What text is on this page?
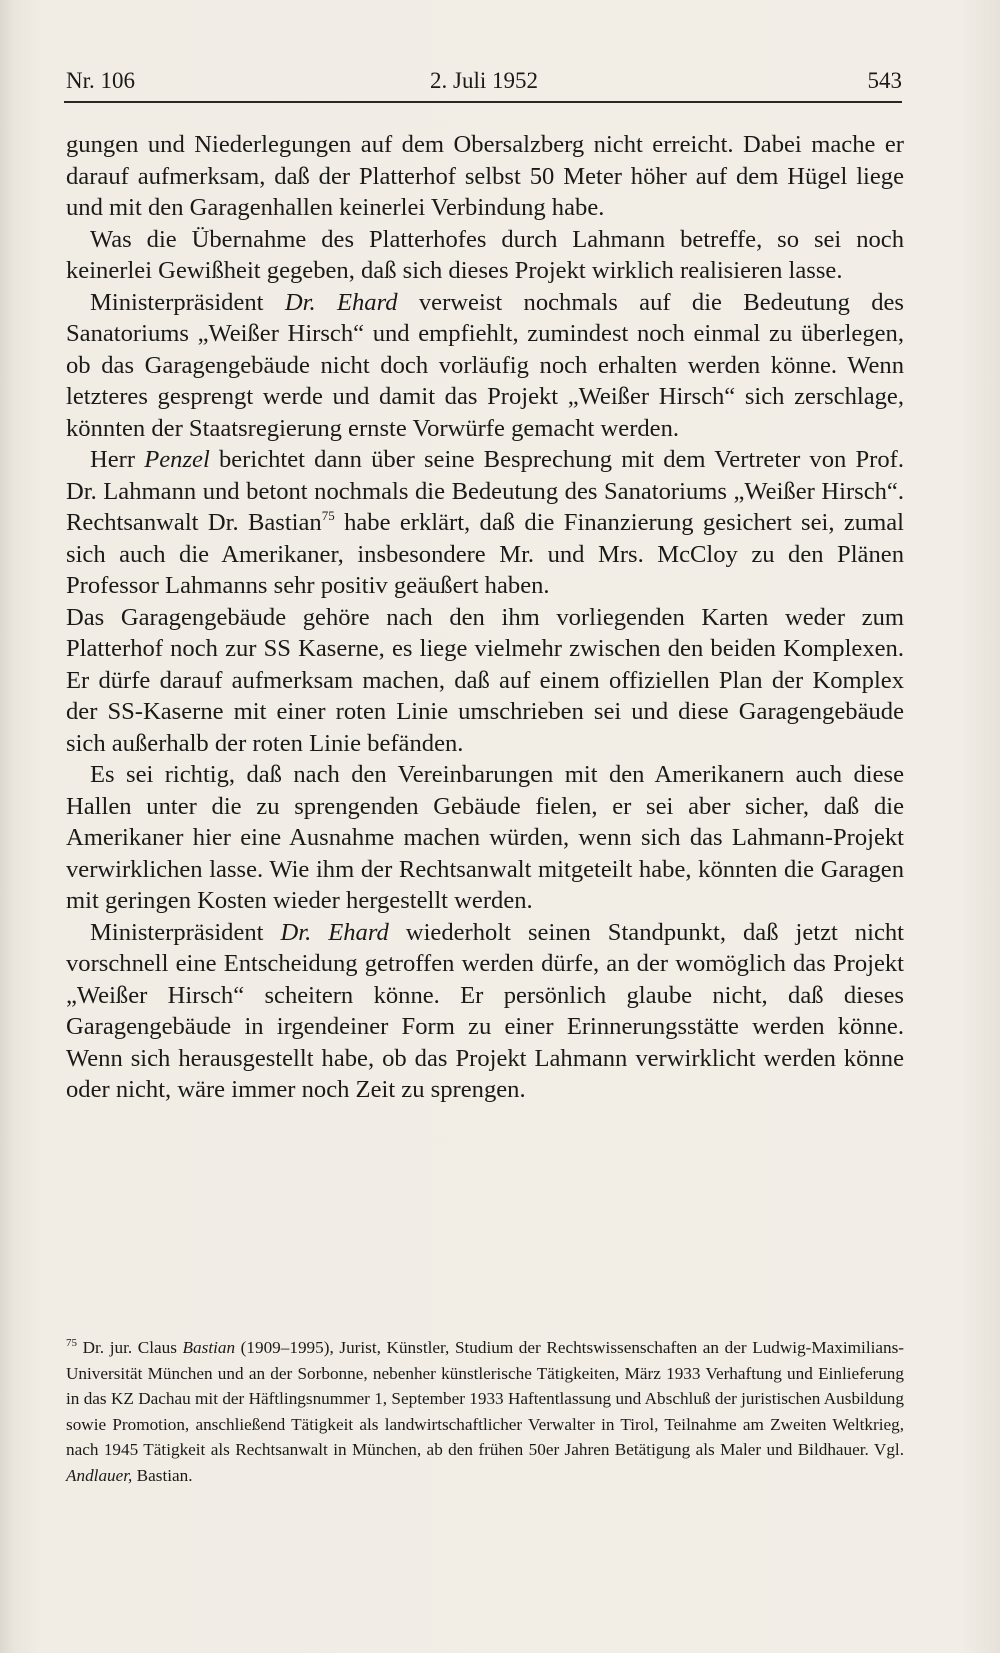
Nr. 106	2. Juli 1952	543

gungen und Niederlegungen auf dem Obersalzberg nicht erreicht. Dabei mache er darauf aufmerksam, daß der Platterhof selbst 50 Meter höher auf dem Hügel liege und mit den Garagenhallen keinerlei Verbindung habe.

Was die Übernahme des Platterhofes durch Lahmann betreffe, so sei noch keinerlei Gewißheit gegeben, daß sich dieses Projekt wirklich realisieren lasse.

Ministerpräsident Dr. Ehard verweist nochmals auf die Bedeutung des Sanatoriums „Weißer Hirsch“ und empfiehlt, zumindest noch einmal zu überlegen, ob das Garagengebäude nicht doch vorläufig noch erhalten werden könne. Wenn letzteres gesprengt werde und damit das Projekt „Weißer Hirsch“ sich zerschlage, könnten der Staatsregierung ernste Vorwürfe gemacht werden.

Herr Penzel berichtet dann über seine Besprechung mit dem Vertreter von Prof. Dr. Lahmann und betont nochmals die Bedeutung des Sanatoriums „Weißer Hirsch“. Rechtsanwalt Dr. Bastian$^{75}$ habe erklärt, daß die Finanzierung gesichert sei, zumal sich auch die Amerikaner, insbesondere Mr. und Mrs. McCloy zu den Plänen Professor Lahmanns sehr positiv geäußert haben.

Das Garagengebäude gehöre nach den ihm vorliegenden Karten weder zum Platterhof noch zur SS Kaserne, es liege vielmehr zwischen den beiden Komplexen. Er dürfe darauf aufmerksam machen, daß auf einem offiziellen Plan der Komplex der SS-Kaserne mit einer roten Linie umschrieben sei und diese Garagengebäude sich außerhalb der roten Linie befänden.

Es sei richtig, daß nach den Vereinbarungen mit den Amerikanern auch diese Hallen unter die zu sprengenden Gebäude fielen, er sei aber sicher, daß die Amerikaner hier eine Ausnahme machen würden, wenn sich das Lahmann-Projekt verwirklichen lasse. Wie ihm der Rechtsanwalt mitgeteilt habe, könnten die Garagen mit geringen Kosten wieder hergestellt werden.

Ministerpräsident Dr. Ehard wiederholt seinen Standpunkt, daß jetzt nicht vorschnell eine Entscheidung getroffen werden dürfe, an der womöglich das Projekt „Weißer Hirsch“ scheitern könne. Er persönlich glaube nicht, daß dieses Garagengebäude in irgendeiner Form zu einer Erinnerungsstätte werden könne. Wenn sich herausgestellt habe, ob das Projekt Lahmann verwirklicht werden könne oder nicht, wäre immer noch Zeit zu sprengen.

$^{75}$ Dr. jur. Claus Bastian (1909–1995), Jurist, Künstler, Studium der Rechtswissenschaften an der Ludwig-Maximilians-Universität München und an der Sorbonne, nebenher künstlerische Tätigkeiten, März 1933 Verhaftung und Einlieferung in das KZ Dachau mit der Häftlingsnummer 1, September 1933 Haftentlassung und Abschluß der juristischen Ausbildung sowie Promotion, anschließend Tätigkeit als landwirtschaftlicher Verwalter in Tirol, Teilnahme am Zweiten Weltkrieg, nach 1945 Tätigkeit als Rechtsanwalt in München, ab den frühen 50er Jahren Betätigung als Maler und Bildhauer. Vgl. Andlauer, Bastian.
